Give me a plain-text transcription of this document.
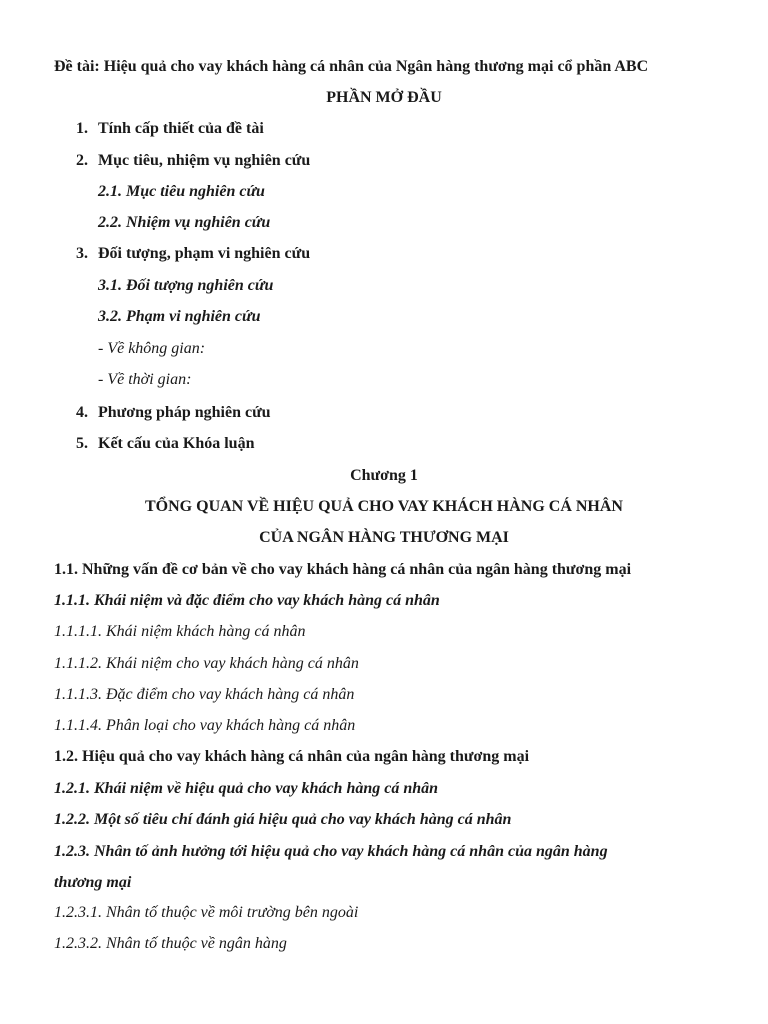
Đề tài: Hiệu quả cho vay khách hàng cá nhân của Ngân hàng thương mại cổ phần ABC
PHẦN MỞ ĐẦU
1. Tính cấp thiết của đề tài
2. Mục tiêu, nhiệm vụ nghiên cứu
2.1. Mục tiêu nghiên cứu
2.2. Nhiệm vụ nghiên cứu
3. Đối tượng, phạm vi nghiên cứu
3.1. Đối tượng nghiên cứu
3.2. Phạm vi nghiên cứu
- Về không gian:
- Về thời gian:
4. Phương pháp nghiên cứu
5. Kết cấu của Khóa luận
Chương 1
TỔNG QUAN VỀ HIỆU QUẢ CHO VAY KHÁCH HÀNG CÁ NHÂN
CỦA NGÂN HÀNG THƯƠNG MẠI
1.1. Những vấn đề cơ bản về cho vay khách hàng cá nhân của ngân hàng thương mại
1.1.1. Khái niệm và đặc điểm cho vay khách hàng cá nhân
1.1.1.1. Khái niệm khách hàng cá nhân
1.1.1.2. Khái niệm cho vay khách hàng cá nhân
1.1.1.3. Đặc điểm cho vay khách hàng cá nhân
1.1.1.4. Phân loại cho vay khách hàng cá nhân
1.2. Hiệu quả cho vay khách hàng cá nhân của ngân hàng thương mại
1.2.1. Khái niệm về hiệu quả cho vay khách hàng cá nhân
1.2.2. Một số tiêu chí đánh giá hiệu quả cho vay khách hàng cá nhân
1.2.3. Nhân tố ảnh hưởng tới hiệu quả cho vay khách hàng cá nhân của ngân hàng
thương mại
1.2.3.1. Nhân tố thuộc về môi trường bên ngoài
1.2.3.2. Nhân tố thuộc về ngân hàng
